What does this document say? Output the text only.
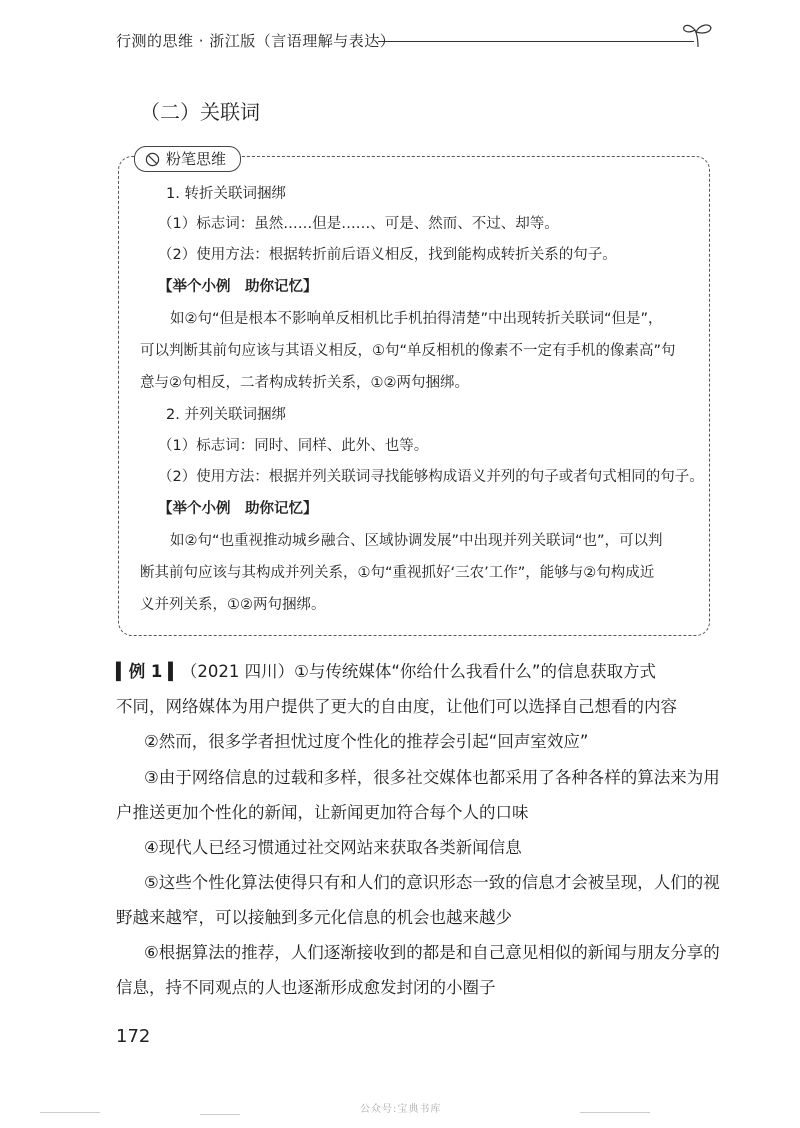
行测的思维 · 浙江版（言语理解与表达）
（二）关联词
粉笔思维
1. 转折关联词捆绑
（1）标志词：虽然……但是……、可是、然而、不过、却等。
（2）使用方法：根据转折前后语义相反，找到能构成转折关系的句子。
【举个小例　助你记忆】
如②句“但是根本不影响单反相机比手机拍得清楚”中出现转折关联词“但是”，
可以判断其前句应该与其语义相反，①句“单反相机的像素不一定有手机的像素高”句
意与②句相反，二者构成转折关系，①②两句捆绑。
2. 并列关联词捆绑
（1）标志词：同时、同样、此外、也等。
（2）使用方法：根据并列关联词寻找能够构成语义并列的句子或者句式相同的句子。
【举个小例　助你记忆】
如②句“也重视推动城乡融合、区域协调发展”中出现并列关联词“也”，可以判
断其前句应该与其构成并列关系，①句“重视抓好‘三农’工作”，能够与②句构成近
义并列关系，①②两句捆绑。
▍例 1 ▍（2021 四川）①与传统媒体“你给什么我看什么”的信息获取方式
不同，网络媒体为用户提供了更大的自由度，让他们可以选择自己想看的内容
②然而，很多学者担忧过度个性化的推荐会引起“回声室效应”
③由于网络信息的过载和多样，很多社交媒体也都采用了各种各样的算法来为用
户推送更加个性化的新闻，让新闻更加符合每个人的口味
④现代人已经习惯通过社交网站来获取各类新闻信息
⑤这些个性化算法使得只有和人们的意识形态一致的信息才会被呈现，人们的视
野越来越窄，可以接触到多元化信息的机会也越来越少
⑥根据算法的推荐，人们逐渐接收到的都是和自己意见相似的新闻与朋友分享的
信息，持不同观点的人也逐渐形成愈发封闭的小圈子
172
公众号:宝典书库
